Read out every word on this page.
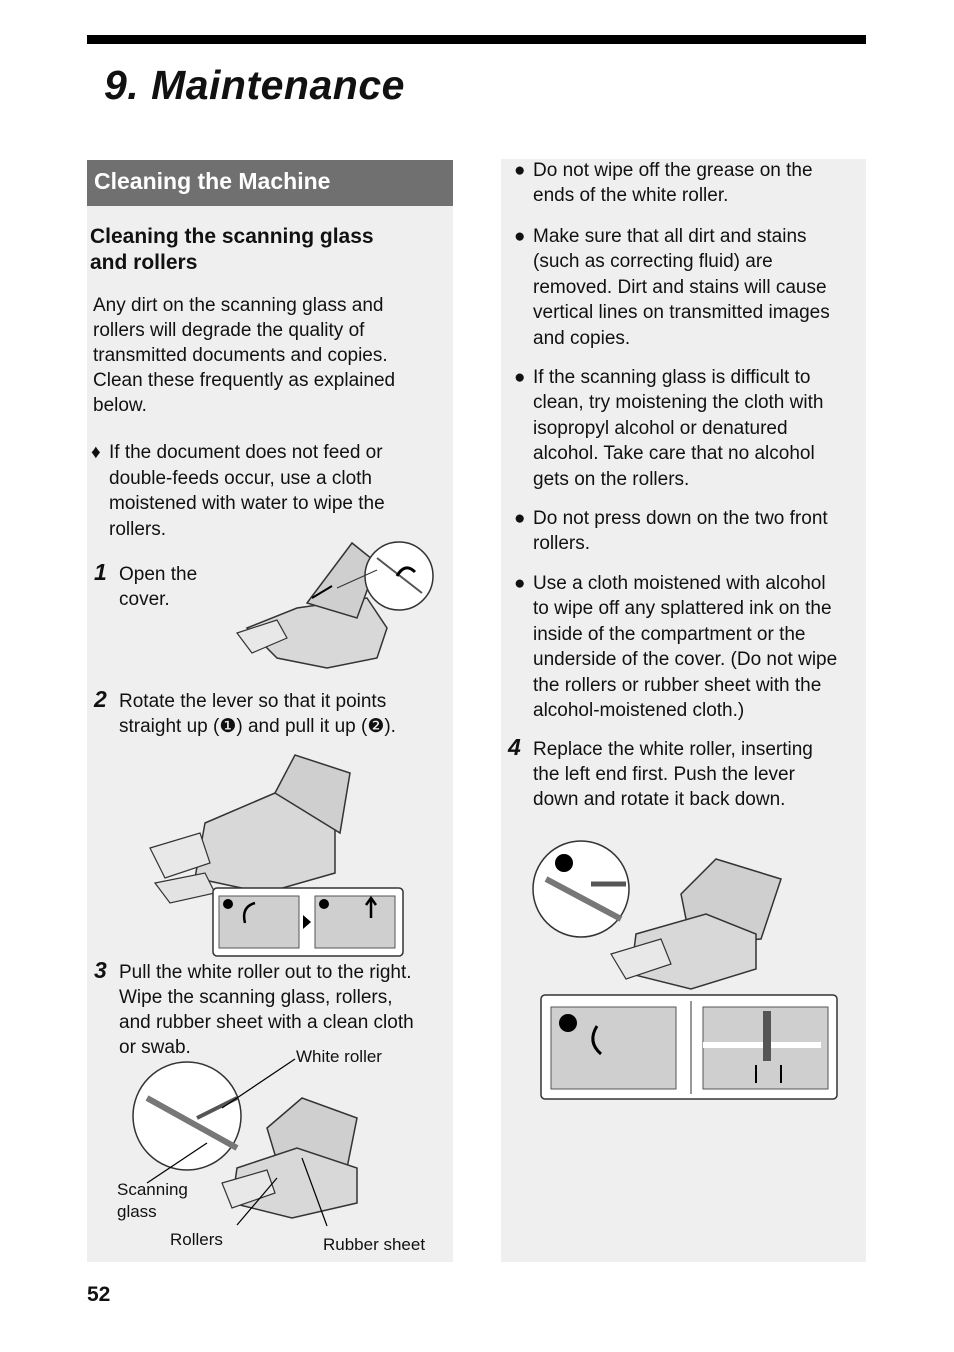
9. Maintenance
Cleaning the Machine
Cleaning the scanning glass
and rollers
Any dirt on the scanning glass and
rollers will degrade the quality of
transmitted documents and copies.
Clean these frequently as explained
below.
♦ If the document does not feed or
double-feeds occur, use a cloth
moistened with water to wipe the
rollers.
1 Open the
cover.
2 Rotate the lever so that it points
straight up (❶) and pull it up (❷).
3 Pull the white roller out to the right.
Wipe the scanning glass, rollers,
and rubber sheet with a clean cloth
or swab.	White roller
Scanning
glass
Rollers	Rubber sheet
● Do not wipe off the grease on the
ends of the white roller.
● Make sure that all dirt and stains
(such as correcting fluid) are
removed. Dirt and stains will cause
vertical lines on transmitted images
and copies.
● If the scanning glass is difficult to
clean, try moistening the cloth with
isopropyl alcohol or denatured
alcohol. Take care that no alcohol
gets on the rollers.
● Do not press down on the two front
rollers.
● Use a cloth moistened with alcohol
to wipe off any splattered ink on the
inside of the compartment or the
underside of the cover. (Do not wipe
the rollers or rubber sheet with the
alcohol-moistened cloth.)
4 Replace the white roller, inserting
the left end first. Push the lever
down and rotate it back down.
52
